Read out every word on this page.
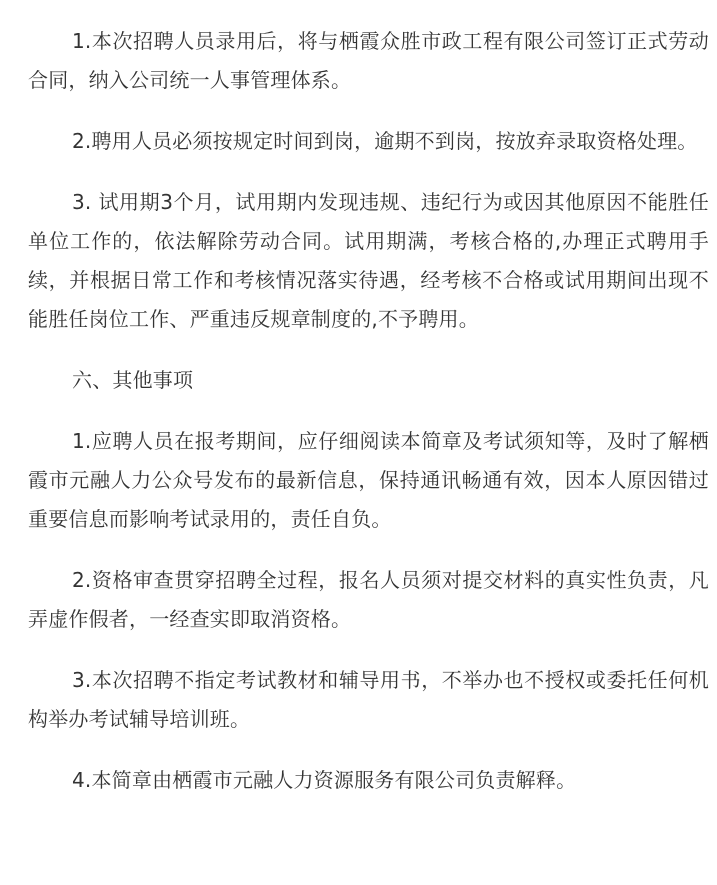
1.本次招聘人员录用后，将与栖霞众胜市政工程有限公司签订正式劳动合同，纳入公司统一人事管理体系。

2.聘用人员必须按规定时间到岗，逾期不到岗，按放弃录取资格处理。

3. 试用期3个月，试用期内发现违规、违纪行为或因其他原因不能胜任单位工作的，依法解除劳动合同。试用期满，考核合格的,办理正式聘用手续，并根据日常工作和考核情况落实待遇，经考核不合格或试用期间出现不能胜任岗位工作、严重违反规章制度的,不予聘用。

六、其他事项

1.应聘人员在报考期间，应仔细阅读本简章及考试须知等，及时了解栖霞市元融人力公众号发布的最新信息，保持通讯畅通有效，因本人原因错过重要信息而影响考试录用的，责任自负。

2.资格审查贯穿招聘全过程，报名人员须对提交材料的真实性负责，凡弄虚作假者，一经查实即取消资格。

3.本次招聘不指定考试教材和辅导用书，不举办也不授权或委托任何机构举办考试辅导培训班。

4.本简章由栖霞市元融人力资源服务有限公司负责解释。
